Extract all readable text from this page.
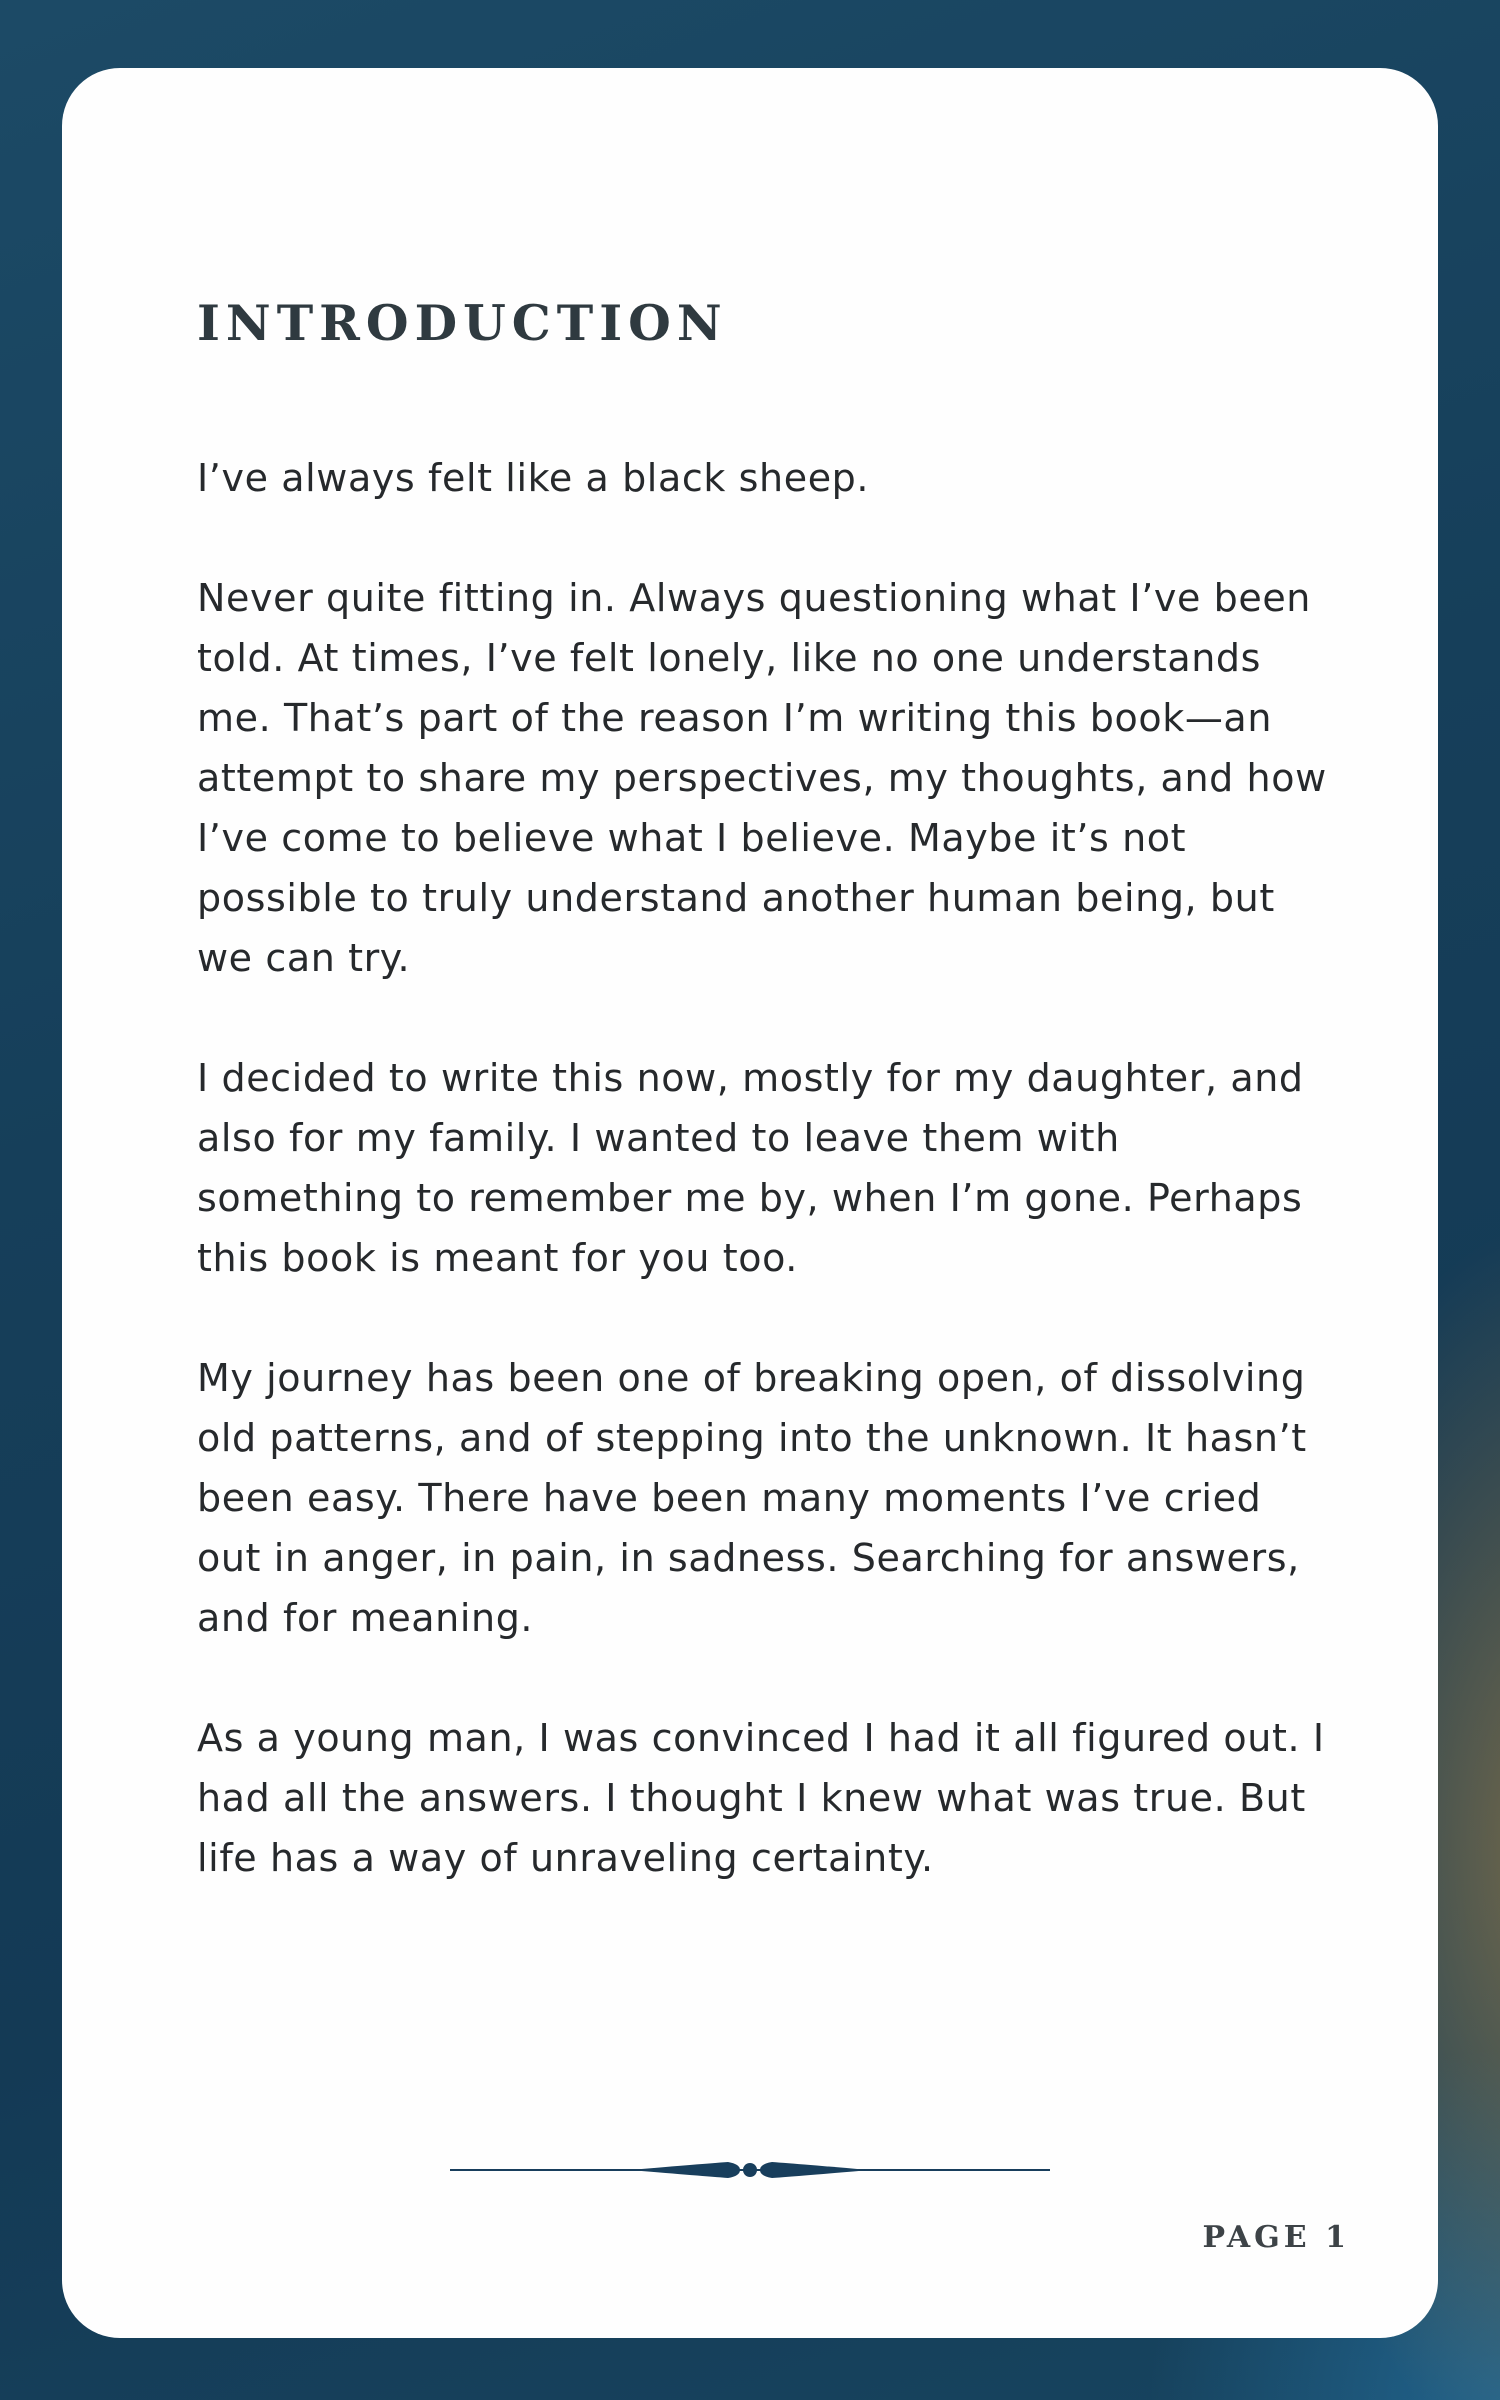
INTRODUCTION

I’ve always felt like a black sheep.

Never quite fitting in. Always questioning what I’ve been told. At times, I’ve felt lonely, like no one understands me. That’s part of the reason I’m writing this book—an attempt to share my perspectives, my thoughts, and how I’ve come to believe what I believe. Maybe it’s not possible to truly understand another human being, but we can try.

I decided to write this now, mostly for my daughter, and also for my family. I wanted to leave them with something to remember me by, when I’m gone. Perhaps this book is meant for you too.

My journey has been one of breaking open, of dissolving old patterns, and of stepping into the unknown. It hasn’t been easy. There have been many moments I’ve cried out in anger, in pain, in sadness. Searching for answers, and for meaning.

As a young man, I was convinced I had it all figured out. I had all the answers. I thought I knew what was true. But life has a way of unraveling certainty.

PAGE 1
